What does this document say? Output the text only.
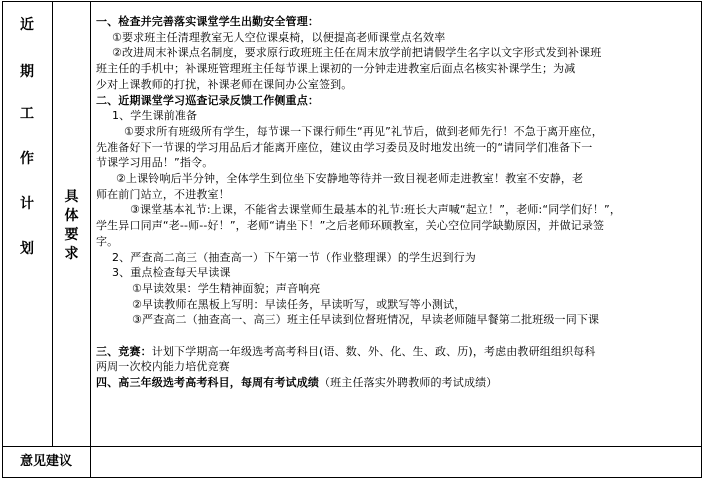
近
期
工
作
计
划
具
体
要
求
意见建议
一、检查并完善落实课堂学生出勤安全管理：
①要求班主任清理教室无人空位课桌椅，以便提高老师课堂点名效率
②改进周末补课点名制度，要求原行政班班主任在周末放学前把请假学生名字以文字形式发到补课班
班主任的手机中；补课班管理班主任每节课上课初的一分钟走进教室后面点名核实补课学生；为减
少对上课教师的打扰，补课老师在课间办公室签到。
二、近期课堂学习巡查记录反馈工作侧重点：
1、学生课前准备
①要求所有班级所有学生，每节课一下课行师生“再见”礼节后，做到老师先行！不急于离开座位，
先准备好下一节课的学习用品后才能离开座位，建议由学习委员及时地发出统一的“请同学们准备下一
节课学习用品！”指令。
②上课铃响后半分钟，全体学生到位坐下安静地等待并一致目视老师走进教室！教室不安静，老
师在前门站立，不进教室！
③课堂基本礼节:上课，不能省去课堂师生最基本的礼节:班长大声喊“起立！”，老师:“同学们好！”，
学生异口同声“老--师--好！”，老师“请坐下！”之后老师环顾教室，关心空位同学缺勤原因，并做记录签
字。
2、严查高二高三（抽查高一）下午第一节（作业整理课）的学生迟到行为
3、重点检查每天早读课
①早读效果：学生精神面貌；声音响亮
②早读教师在黑板上写明：早读任务，早读听写，或默写等小测试，
③严查高二（抽查高一、高三）班主任早读到位督班情况，早读老师随早餐第二批班级一同下课
三、竞赛：计划下学期高一年级选考高考科目(语、数、外、化、生、政、历)，考虑由教研组组织每科
两周一次校内能力培优竞赛
四、高三年级选考高考科目，每周有考试成绩（班主任落实外聘教师的考试成绩）
